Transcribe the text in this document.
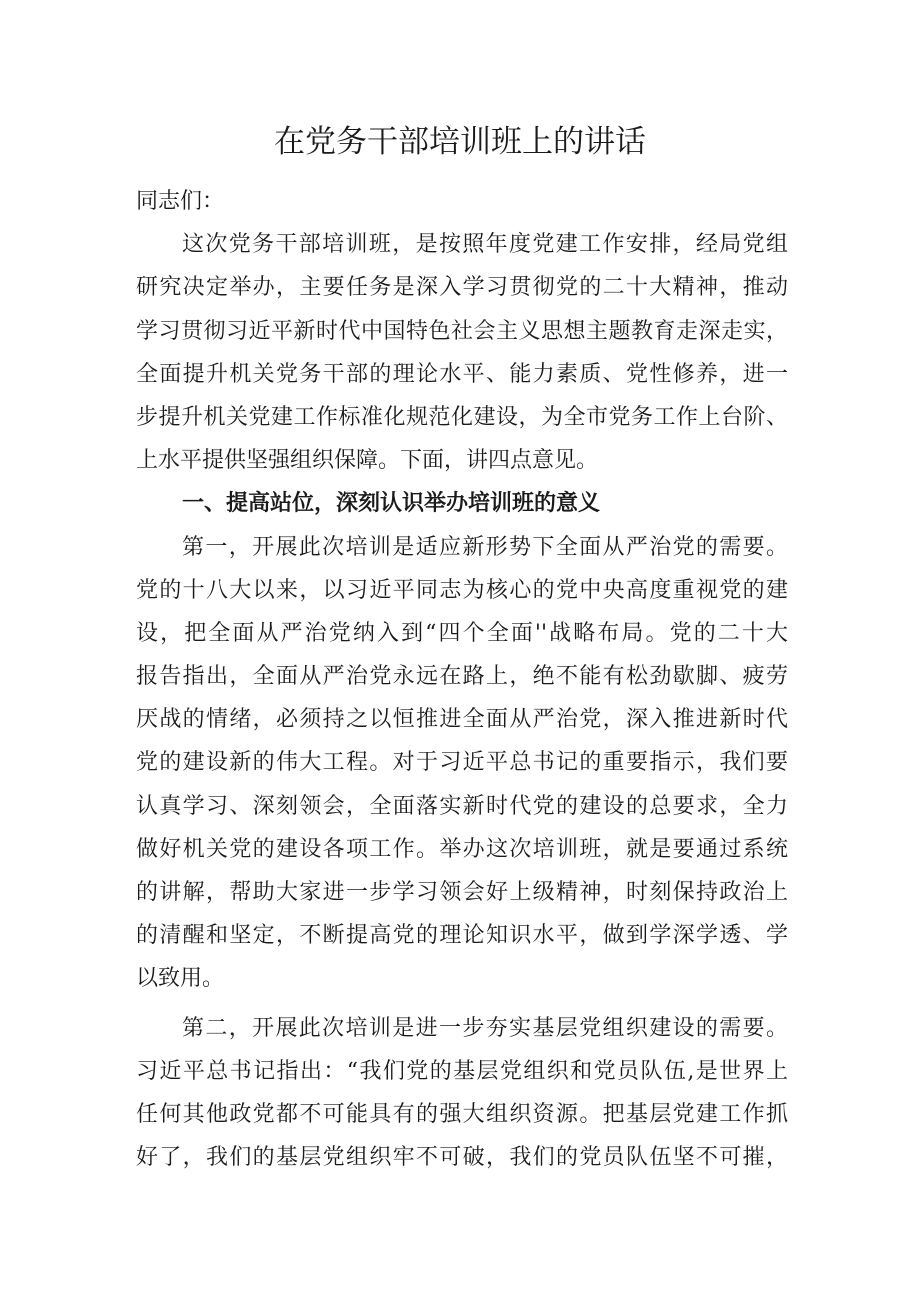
在党务干部培训班上的讲话
同志们：
这次党务干部培训班，是按照年度党建工作安排，经局党组
研究决定举办，主要任务是深入学习贯彻党的二十大精神，推动
学习贯彻习近平新时代中国特色社会主义思想主题教育走深走实，
全面提升机关党务干部的理论水平、能力素质、党性修养，进一
步提升机关党建工作标准化规范化建设，为全市党务工作上台阶、
上水平提供坚强组织保障。下面，讲四点意见。
一、提高站位，深刻认识举办培训班的意义
第一，开展此次培训是适应新形势下全面从严治党的需要。
党的十八大以来，以习近平同志为核心的党中央高度重视党的建
设，把全面从严治党纳入到“四个全面''战略布局。党的二十大
报告指出，全面从严治党永远在路上，绝不能有松劲歇脚、疲劳
厌战的情绪，必须持之以恒推进全面从严治党，深入推进新时代
党的建设新的伟大工程。对于习近平总书记的重要指示，我们要
认真学习、深刻领会，全面落实新时代党的建设的总要求，全力
做好机关党的建设各项工作。举办这次培训班，就是要通过系统
的讲解，帮助大家进一步学习领会好上级精神，时刻保持政治上
的清醒和坚定，不断提高党的理论知识水平，做到学深学透、学
以致用。
第二，开展此次培训是进一步夯实基层党组织建设的需要。
习近平总书记指出：“我们党的基层党组织和党员队伍,是世界上
任何其他政党都不可能具有的强大组织资源。把基层党建工作抓
好了，我们的基层党组织牢不可破，我们的党员队伍坚不可摧，
